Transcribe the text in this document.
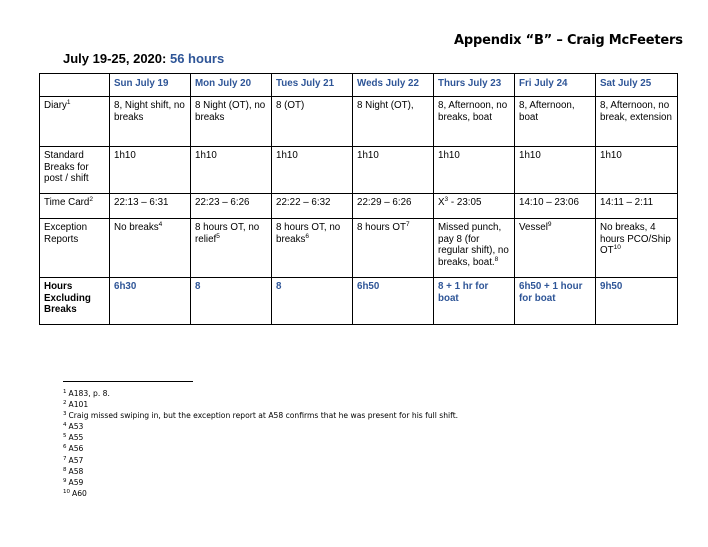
Appendix “B” – Craig McFeeters
July 19-25, 2020: 56 hours
	Sun July 19	Mon July 20	Tues July 21	Weds July 22	Thurs July 23	Fri July 24	Sat July 25
Diary$^1$	8, Night shift, no breaks	8 Night (OT), no breaks	8 (OT)	8 Night (OT),	8, Afternoon, no breaks, boat	8, Afternoon, boat	8, Afternoon, no break, extension
Standard Breaks for post / shift	1h10	1h10	1h10	1h10	1h10	1h10	1h10
Time Card$^2$	22:13 – 6:31	22:23 – 6:26	22:22 – 6:32	22:29 – 6:26	$X^3$ - 23:05	14:10 – 23:06	14:11 – 2:11
Exception Reports	No breaks$^4$	8 hours OT, no relief$^5$	8 hours OT, no breaks$^6$	8 hours $OT^7$	Missed punch, pay 8 (for regular shift), no breaks, boat.$^8$	Vessel$^9$	No breaks, 4 hours PCO/Ship OT$^{10}$
Hours Excluding Breaks	6h30	8	8	6h50	8 + 1 hr for boat	6h50 + 1 hour for boat	9h50
$^1$ A183, p. 8.
$^2$ A101
$^3$ Craig missed swiping in, but the exception report at A58 confirms that he was present for his full shift.
$^4$ A53
$^5$ A55
$^6$ A56
$^7$ A57
$^8$ A58
$^9$ A59
$^{10}$ A60
